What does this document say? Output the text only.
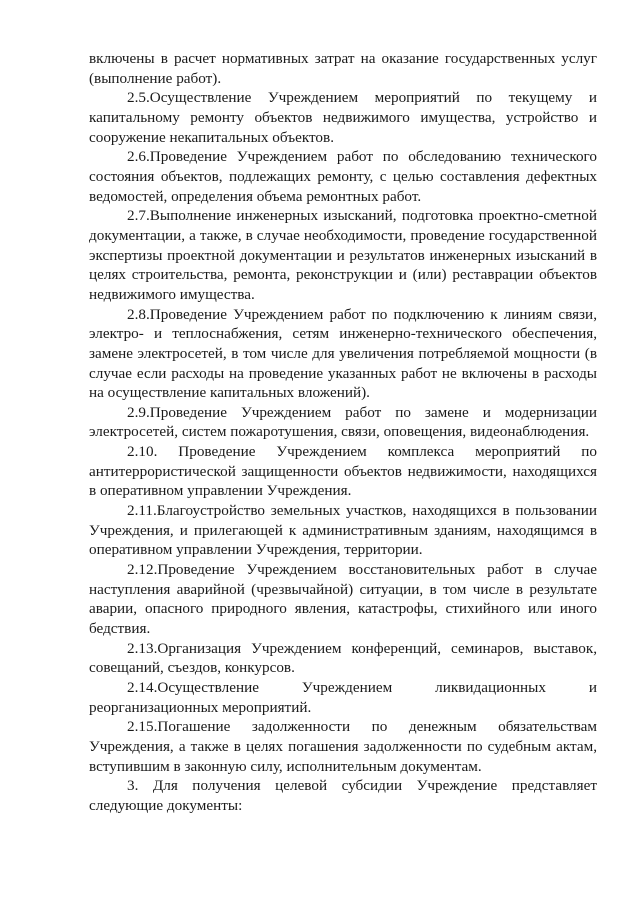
включены в расчет нормативных затрат на оказание государственных услуг (выполнение работ).

2.5.Осуществление Учреждением мероприятий по текущему и капитальному ремонту объектов недвижимого имущества, устройство и сооружение некапитальных объектов.

2.6.Проведение Учреждением работ по обследованию технического состояния объектов, подлежащих ремонту, с целью составления дефектных ведомостей, определения объема ремонтных работ.

2.7.Выполнение инженерных изысканий, подготовка проектно-сметной документации, а также, в случае необходимости, проведение государственной экспертизы проектной документации и результатов инженерных изысканий в целях строительства, ремонта, реконструкции и (или) реставрации объектов недвижимого имущества.

2.8.Проведение Учреждением работ по подключению к линиям связи, электро- и теплоснабжения, сетям инженерно-технического обеспечения, замене электросетей, в том числе для увеличения потребляемой мощности (в случае если расходы на проведение указанных работ не включены в расходы на осуществление капитальных вложений).

2.9.Проведение Учреждением работ по замене и модернизации электросетей, систем пожаротушения, связи, оповещения, видеонаблюдения.

2.10. Проведение Учреждением комплекса мероприятий по антитеррористической защищенности объектов недвижимости, находящихся в оперативном управлении Учреждения.

2.11.Благоустройство земельных участков, находящихся в пользовании Учреждения, и прилегающей к административным зданиям, находящимся в оперативном управлении Учреждения, территории.

2.12.Проведение Учреждением восстановительных работ в случае наступления аварийной (чрезвычайной) ситуации, в том числе в результате аварии, опасного природного явления, катастрофы, стихийного или иного бедствия.

2.13.Организация Учреждением конференций, семинаров, выставок, совещаний, съездов, конкурсов.

2.14.Осуществление Учреждением ликвидационных и реорганизационных мероприятий.

2.15.Погашение задолженности по денежным обязательствам Учреждения, а также в целях погашения задолженности по судебным актам, вступившим в законную силу, исполнительным документам.

3. Для получения целевой субсидии Учреждение представляет следующие документы:
